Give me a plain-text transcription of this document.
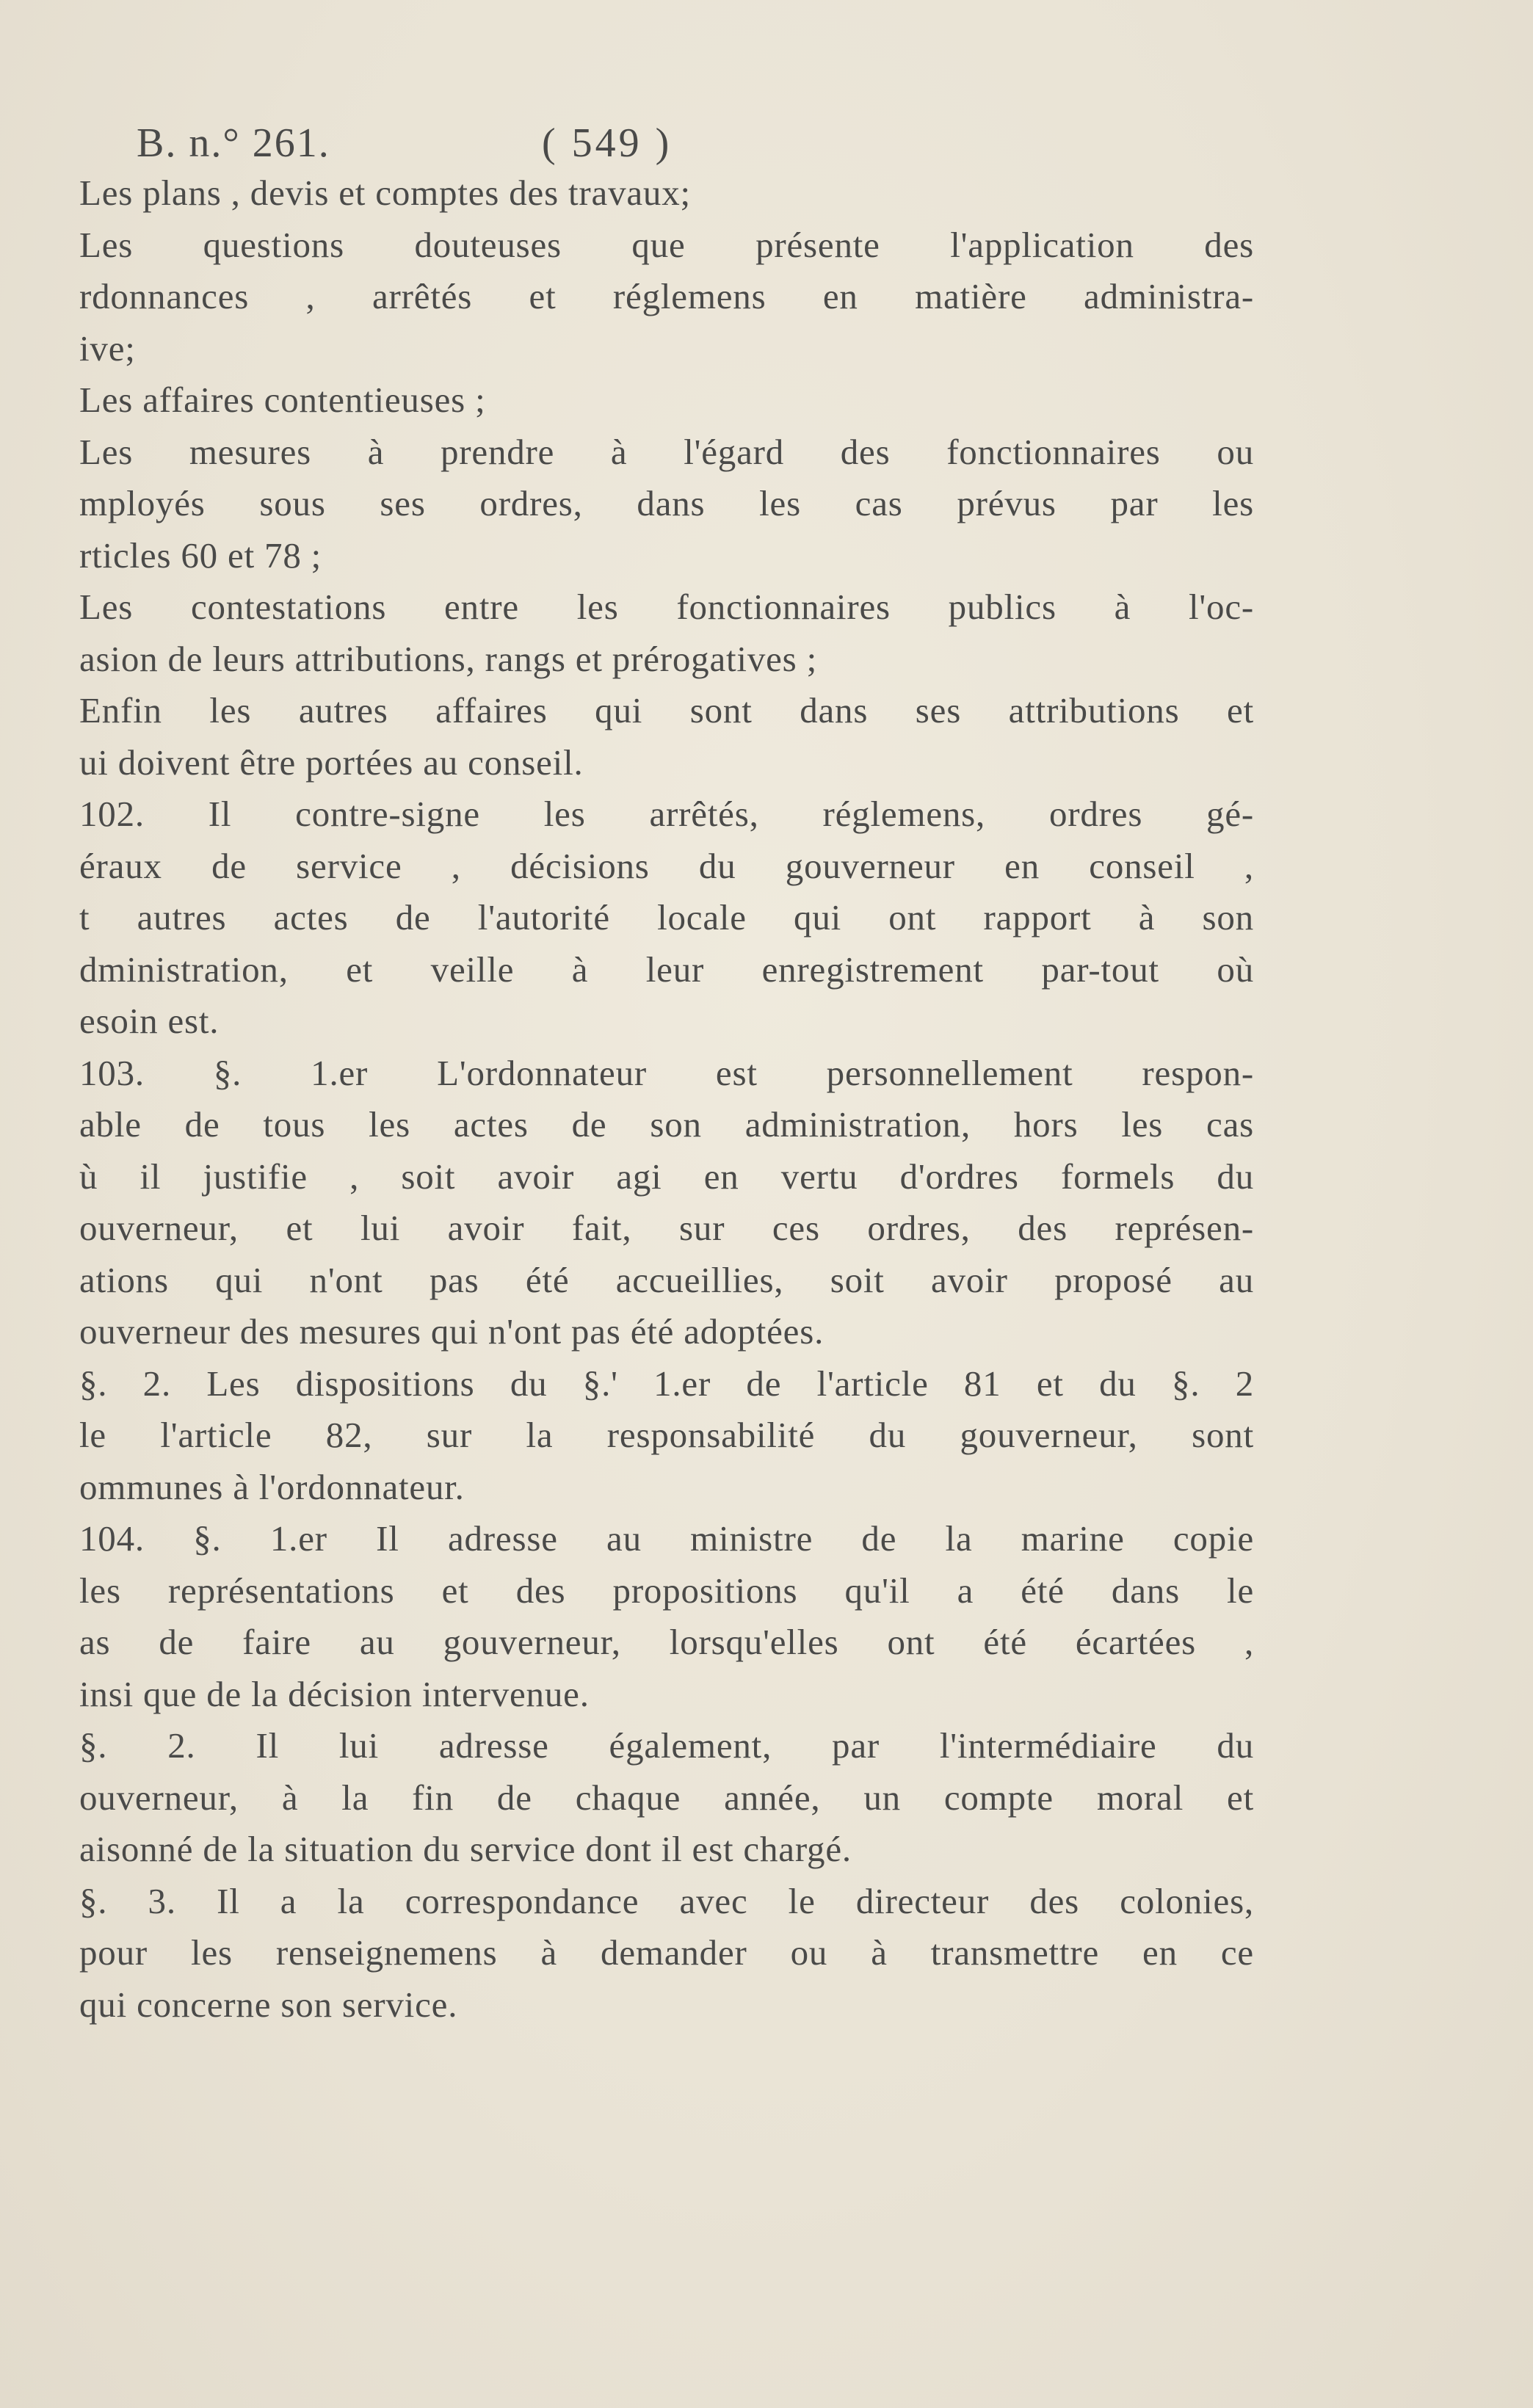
B. n.° 261.	( 549 )
Les plans , devis et comptes des travaux;
Les questions douteuses que présente l'application des
rdonnances , arrêtés et réglemens en matière administra-
ive;
Les affaires contentieuses ;
Les mesures à prendre à l'égard des fonctionnaires ou
mployés sous ses ordres, dans les cas prévus par les
rticles 60 et 78 ;
Les contestations entre les fonctionnaires publics à l'oc-
asion de leurs attributions, rangs et prérogatives ;
Enfin les autres affaires qui sont dans ses attributions et
ui doivent être portées au conseil.
102. Il contre-signe les arrêtés, réglemens, ordres gé-
éraux de service , décisions du gouverneur en conseil ,
t autres actes de l'autorité locale qui ont rapport à son
dministration, et veille à leur enregistrement par-tout où
esoin est.
103. §. 1.er L'ordonnateur est personnellement respon-
able de tous les actes de son administration, hors les cas
ù il justifie , soit avoir agi en vertu d'ordres formels du
ouverneur, et lui avoir fait, sur ces ordres, des représen-
ations qui n'ont pas été accueillies, soit avoir proposé au
ouverneur des mesures qui n'ont pas été adoptées.
§. 2. Les dispositions du §.' 1.er de l'article 81 et du §. 2
le l'article 82, sur la responsabilité du gouverneur, sont
ommunes à l'ordonnateur.
104. §. 1.er Il adresse au ministre de la marine copie
les représentations et des propositions qu'il a été dans le
as de faire au gouverneur, lorsqu'elles ont été écartées ,
insi que de la décision intervenue.
§. 2. Il lui adresse également, par l'intermédiaire du
ouverneur, à la fin de chaque année, un compte moral et
aisonné de la situation du service dont il est chargé.
§. 3. Il a la correspondance avec le directeur des colonies,
pour les renseignemens à demander ou à transmettre en ce
qui concerne son service.
